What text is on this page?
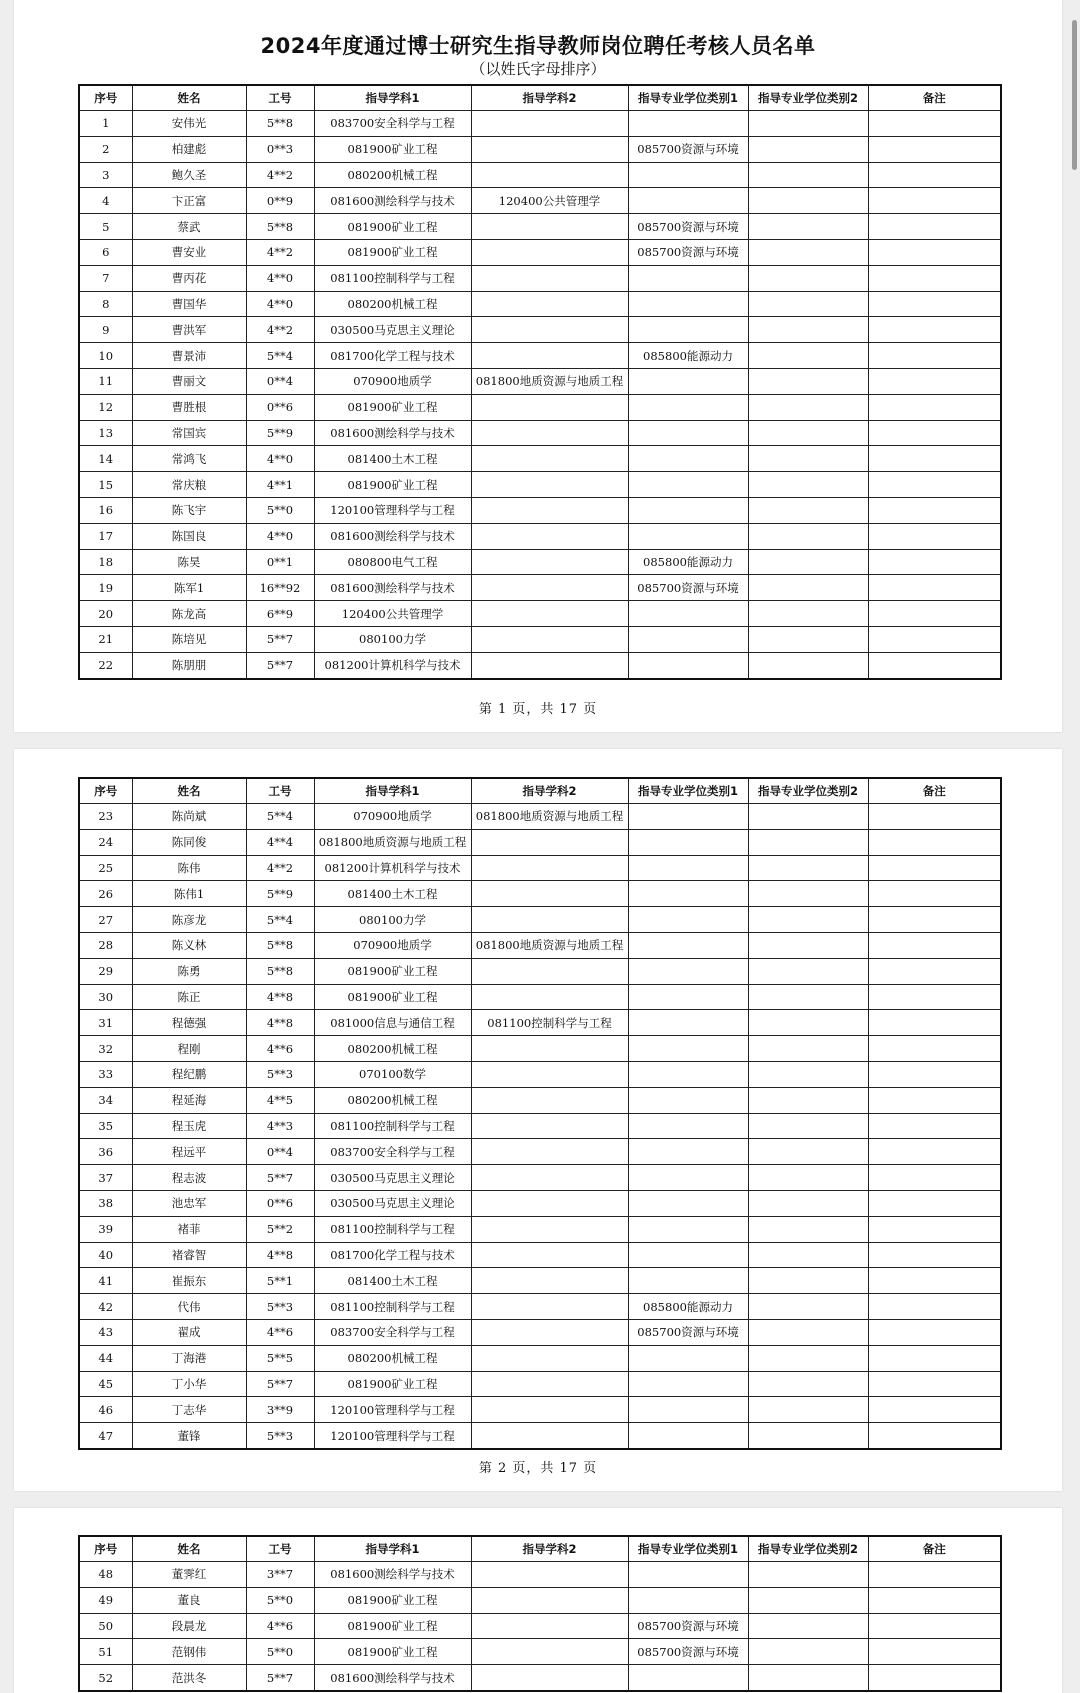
2024年度通过博士研究生指导教师岗位聘任考核人员名单
（以姓氏字母排序）
序号	姓名	工号	指导学科1	指导学科2	指导专业学位类别1	指导专业学位类别2	备注
1	安伟光	5**8	083700安全科学与工程				
2	柏建彪	0**3	081900矿业工程		085700资源与环境		
3	鲍久圣	4**2	080200机械工程				
4	卞正富	0**9	081600测绘科学与技术	120400公共管理学			
5	蔡武	5**8	081900矿业工程		085700资源与环境		
6	曹安业	4**2	081900矿业工程		085700资源与环境		
7	曹丙花	4**0	081100控制科学与工程				
8	曹国华	4**0	080200机械工程				
9	曹洪军	4**2	030500马克思主义理论				
10	曹景沛	5**4	081700化学工程与技术		085800能源动力		
11	曹丽文	0**4	070900地质学	081800地质资源与地质工程			
12	曹胜根	0**6	081900矿业工程				
13	常国宾	5**9	081600测绘科学与技术				
14	常鸿飞	4**0	081400土木工程				
15	常庆粮	4**1	081900矿业工程				
16	陈飞宇	5**0	120100管理科学与工程				
17	陈国良	4**0	081600测绘科学与技术				
18	陈昊	0**1	080800电气工程		085800能源动力		
19	陈军1	16**92	081600测绘科学与技术		085700资源与环境		
20	陈龙高	6**9	120400公共管理学				
21	陈培见	5**7	080100力学				
22	陈朋朋	5**7	081200计算机科学与技术				
第 1 页，共 17 页
序号	姓名	工号	指导学科1	指导学科2	指导专业学位类别1	指导专业学位类别2	备注
23	陈尚斌	5**4	070900地质学	081800地质资源与地质工程			
24	陈同俊	4**4	081800地质资源与地质工程				
25	陈伟	4**2	081200计算机科学与技术				
26	陈伟1	5**9	081400土木工程				
27	陈彦龙	5**4	080100力学				
28	陈义林	5**8	070900地质学	081800地质资源与地质工程			
29	陈勇	5**8	081900矿业工程				
30	陈正	4**8	081900矿业工程				
31	程德强	4**8	081000信息与通信工程	081100控制科学与工程			
32	程刚	4**6	080200机械工程				
33	程纪鹏	5**3	070100数学				
34	程延海	4**5	080200机械工程				
35	程玉虎	4**3	081100控制科学与工程				
36	程远平	0**4	083700安全科学与工程				
37	程志波	5**7	030500马克思主义理论				
38	池忠军	0**6	030500马克思主义理论				
39	褚菲	5**2	081100控制科学与工程				
40	褚睿智	4**8	081700化学工程与技术				
41	崔振东	5**1	081400土木工程				
42	代伟	5**3	081100控制科学与工程		085800能源动力		
43	翟成	4**6	083700安全科学与工程		085700资源与环境		
44	丁海港	5**5	080200机械工程				
45	丁小华	5**7	081900矿业工程				
46	丁志华	3**9	120100管理科学与工程				
47	董锋	5**3	120100管理科学与工程				
第 2 页，共 17 页
序号	姓名	工号	指导学科1	指导学科2	指导专业学位类别1	指导专业学位类别2	备注
48	董霁红	3**7	081600测绘科学与技术				
49	董良	5**0	081900矿业工程				
50	段晨龙	4**6	081900矿业工程		085700资源与环境		
51	范钢伟	5**0	081900矿业工程		085700资源与环境		
52	范洪冬	5**7	081600测绘科学与技术				
